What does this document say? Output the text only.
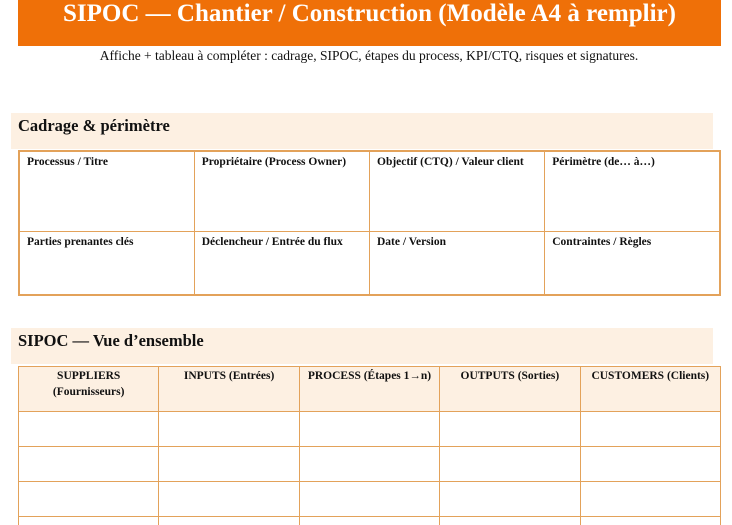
SIPOC — Chantier / Construction (Modèle A4 à remplir)
Affiche + tableau à compléter : cadrage, SIPOC, étapes du process, KPI/CTQ, risques et signatures.
Cadrage & périmètre
Processus / Titre	Propriétaire (Process Owner)	Objectif (CTQ) / Valeur client	Périmètre (de… à…)
Parties prenantes clés	Déclencheur / Entrée du flux	Date / Version	Contraintes / Règles
SIPOC — Vue d’ensemble
SUPPLIERS (Fournisseurs)	INPUTS (Entrées)	PROCESS (Étapes 1→n)	OUTPUTS (Sorties)	CUSTOMERS (Clients)
